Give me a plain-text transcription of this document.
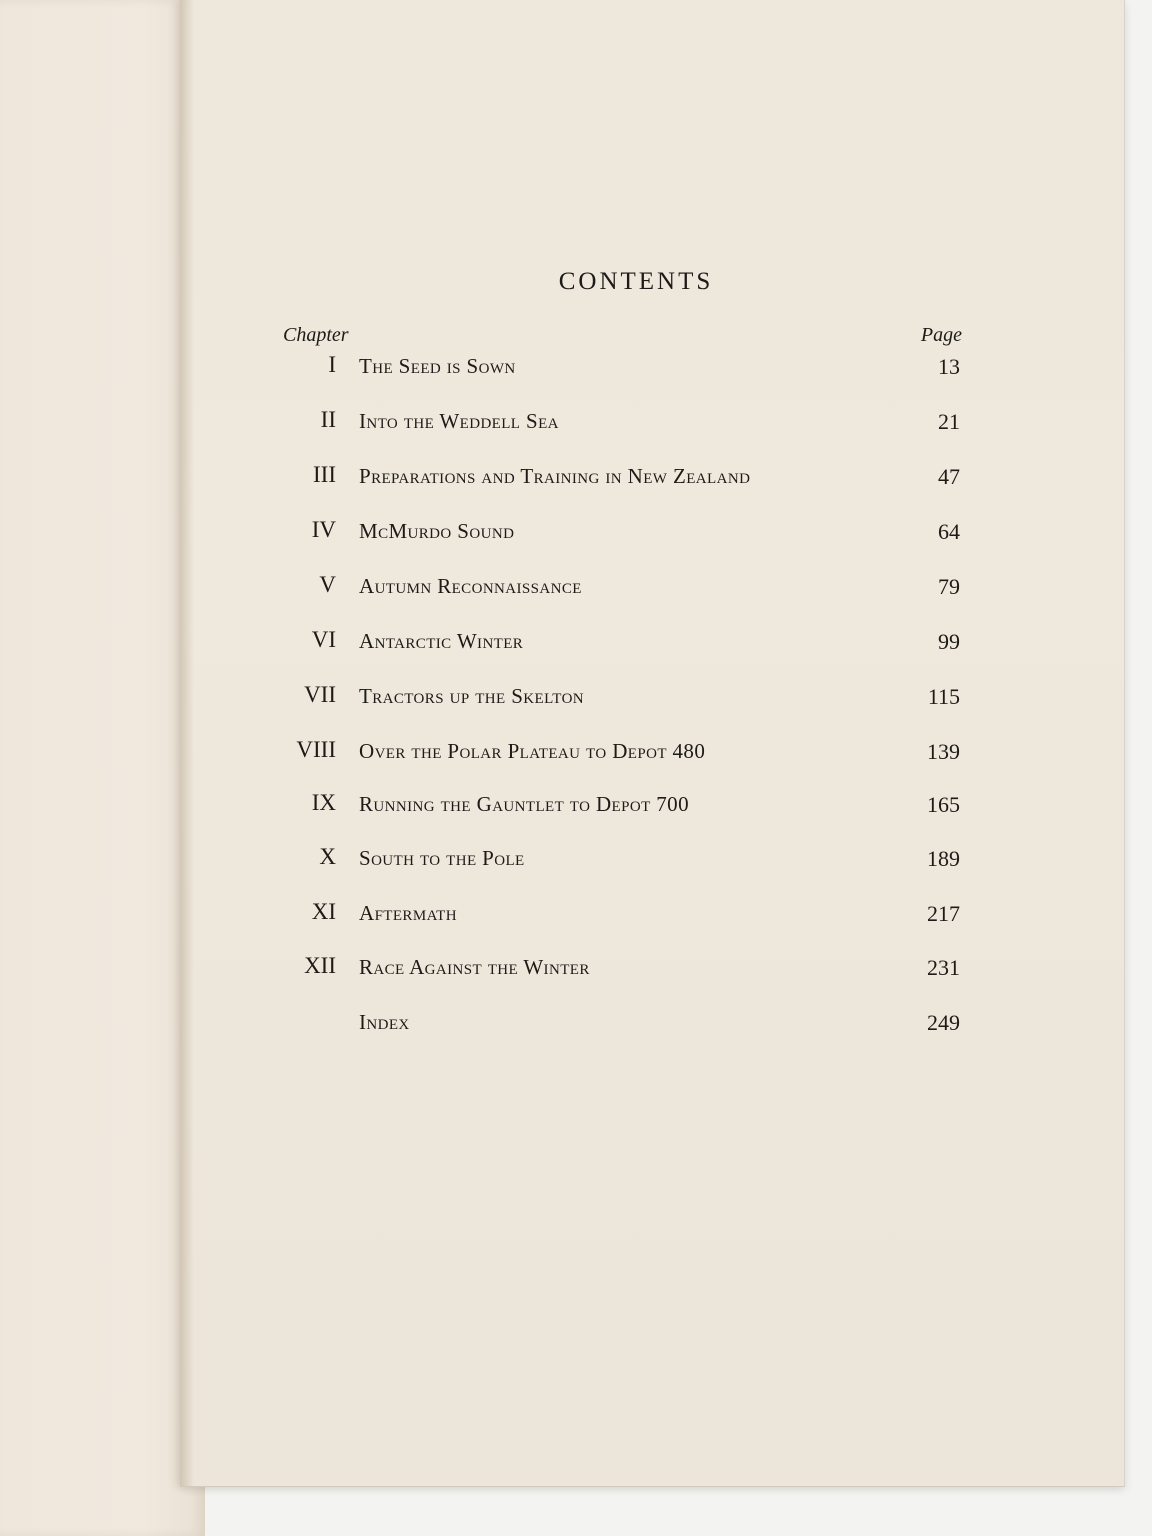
CONTENTS
Chapter	Page
I The Seed is Sown	13
II Into the Weddell Sea	21
III Preparations and Training in New Zealand	47
IV McMurdo Sound	64
V Autumn Reconnaissance	79
VI Antarctic Winter	99
VII Tractors up the Skelton	115
VIII Over the Polar Plateau to Depot 480	139
IX Running the Gauntlet to Depot 700	165
X South to the Pole	189
XI Aftermath	217
XII Race Against the Winter	231
Index	249
